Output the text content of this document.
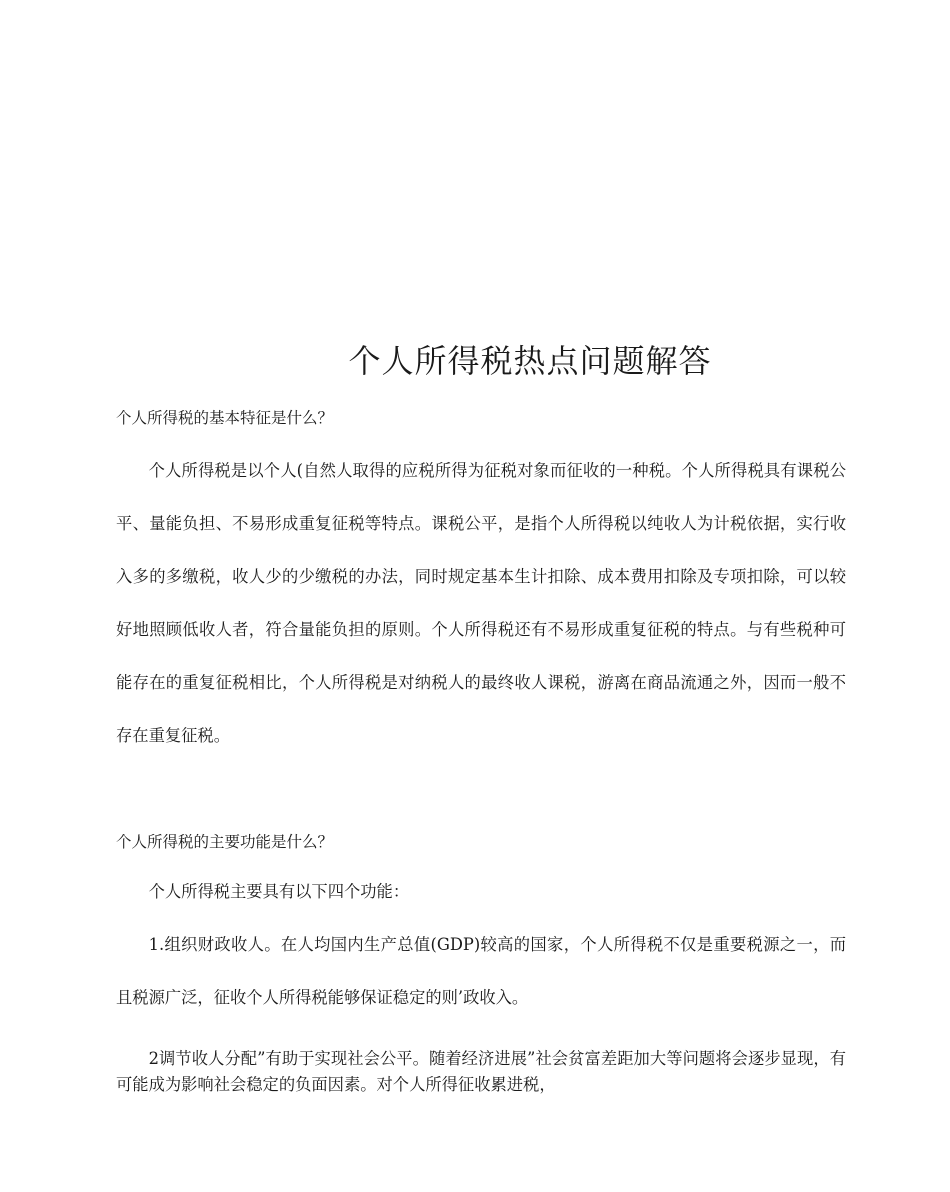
个人所得税热点问题解答
个人所得税的基本特征是什么？

个人所得税是以个人(自然人取得的应税所得为征税对象而征收的一种税。个人所得税具有课税公平、量能负担、不易形成重复征税等特点。课税公平，是指个人所得税以纯收人为计税依据，实行收入多的多缴税，收人少的少缴税的办法，同时规定基本生计扣除、成本费用扣除及专项扣除，可以较好地照顾低收人者，符合量能负担的原则。个人所得税还有不易形成重复征税的特点。与有些税种可能存在的重复征税相比，个人所得税是对纳税人的最终收人课税，游离在商品流通之外，因而一般不存在重复征税。

个人所得税的主要功能是什么？

个人所得税主要具有以下四个功能：

1.组织财政收人。在人均国内生产总值(GDP)较高的国家，个人所得税不仅是重要税源之一，而且税源广泛，征收个人所得税能够保证稳定的则’政收入。

2调节收人分配”有助于实现社会公平。随着经济进展”社会贫富差距加大等问题将会逐步显现，有可能成为影响社会稳定的负面因素。对个人所得征收累进税，
